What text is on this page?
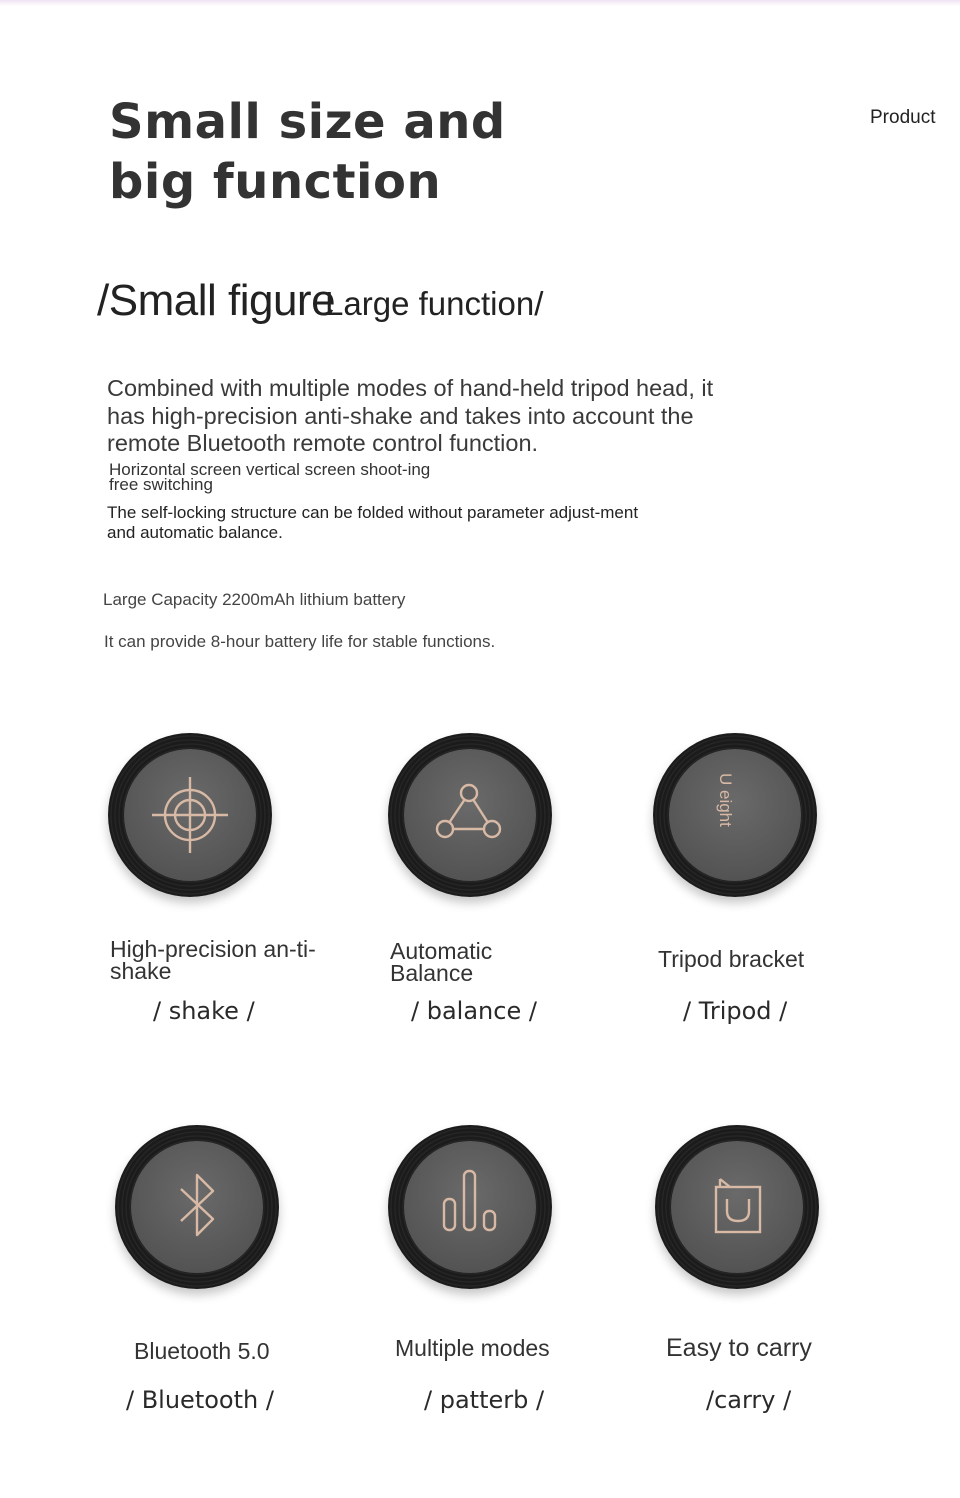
Product
Small size and
big function
/Small figureLarge function/

Combined with multiple modes of hand-held tripod head, it has high-precision anti-shake and takes into account the remote Bluetooth remote control function.

Horizontal screen vertical screen shoot-ing free switching

The self-locking structure can be folded without parameter adjust-ment and automatic balance.

Large Capacity 2200mAh lithium battery
It can provide 8-hour battery life for stable functions.
High-precision an-ti-shake
/ shake /
Automatic Balance
/ balance /
U eight
Tripod bracket
/ Tripod /
Bluetooth 5.0
/ Bluetooth /
Multiple modes
/ patterb /
Easy to carry
/carry /
